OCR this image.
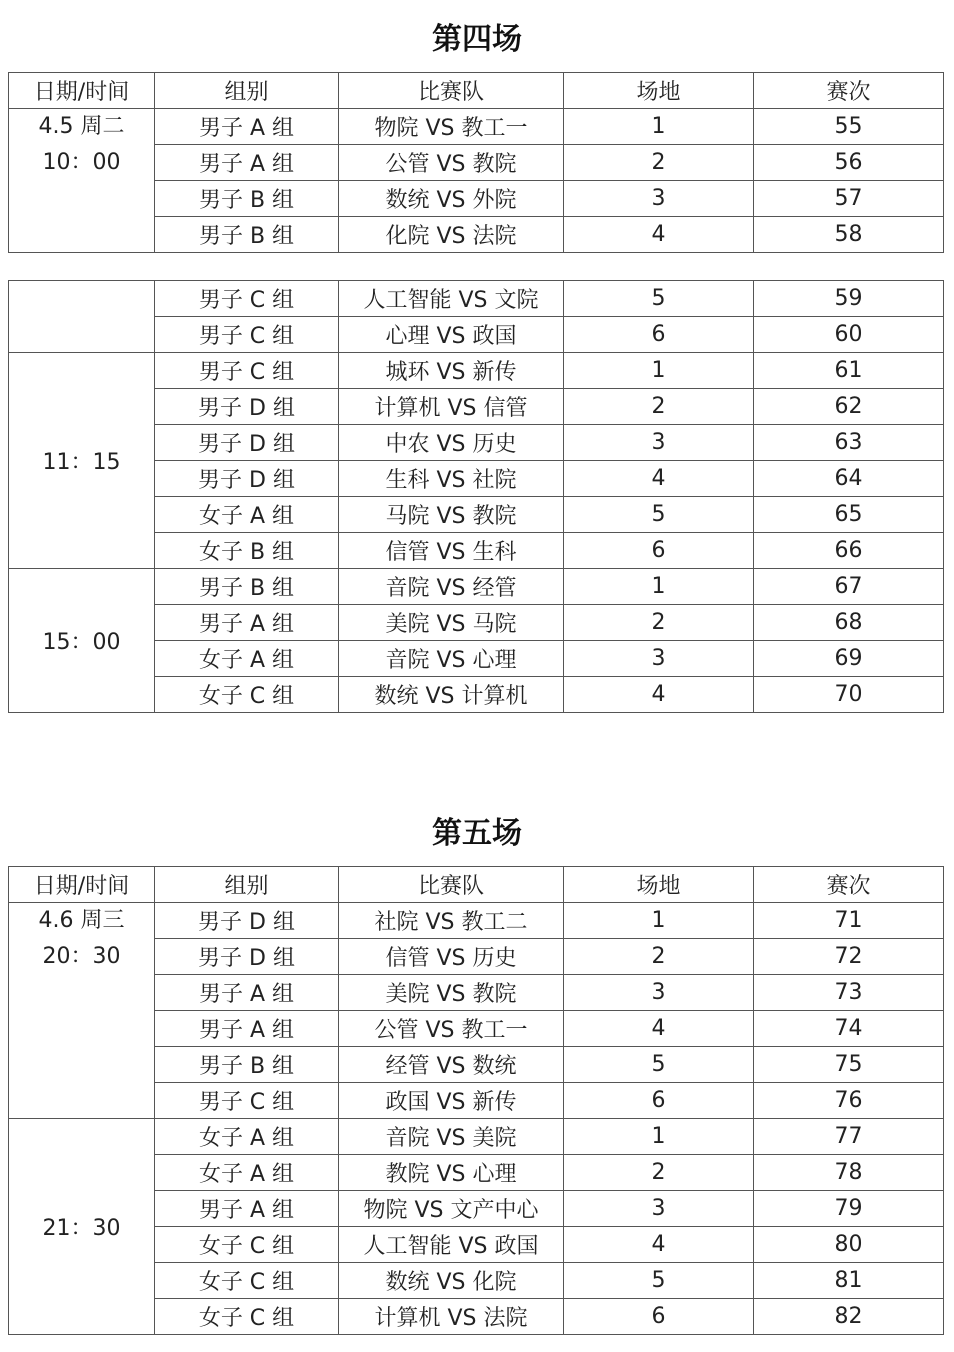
第四场
日期/时间	组别	比赛队	场地	赛次

4.5 周二
10：00	男子 A 组	物院 VS 教工一	1	55
	男子 A 组	公管 VS 教院	2	56
	男子 B 组	数统 VS 外院	3	57
	男子 B 组	化院 VS 法院	4	58
	男子 C 组	人工智能 VS 文院	5	59
	男子 C 组	心理 VS 政国	6	60
11：15	男子 C 组	城环 VS 新传	1	61
	男子 D 组	计算机 VS 信管	2	62
	男子 D 组	中农 VS 历史	3	63
	男子 D 组	生科 VS 社院	4	64
	女子 A 组	马院 VS 教院	5	65
	女子 B 组	信管 VS 生科	6	66
15：00	男子 B 组	音院 VS 经管	1	67
	男子 A 组	美院 VS 马院	2	68
	女子 A 组	音院 VS 心理	3	69
	女子 C 组	数统 VS 计算机	4	70
第五场
日期/时间	组别	比赛队	场地	赛次

4.6 周三
20：30	男子 D 组	社院 VS 教工二	1	71
	男子 D 组	信管 VS 历史	2	72
	男子 A 组	美院 VS 教院	3	73
	男子 A 组	公管 VS 教工一	4	74
	男子 B 组	经管 VS 数统	5	75
	男子 C 组	政国 VS 新传	6	76
21：30	女子 A 组	音院 VS 美院	1	77
	女子 A 组	教院 VS 心理	2	78
	男子 A 组	物院 VS 文产中心	3	79
	女子 C 组	人工智能 VS 政国	4	80
	女子 C 组	数统 VS 化院	5	81
	女子 C 组	计算机 VS 法院	6	82
